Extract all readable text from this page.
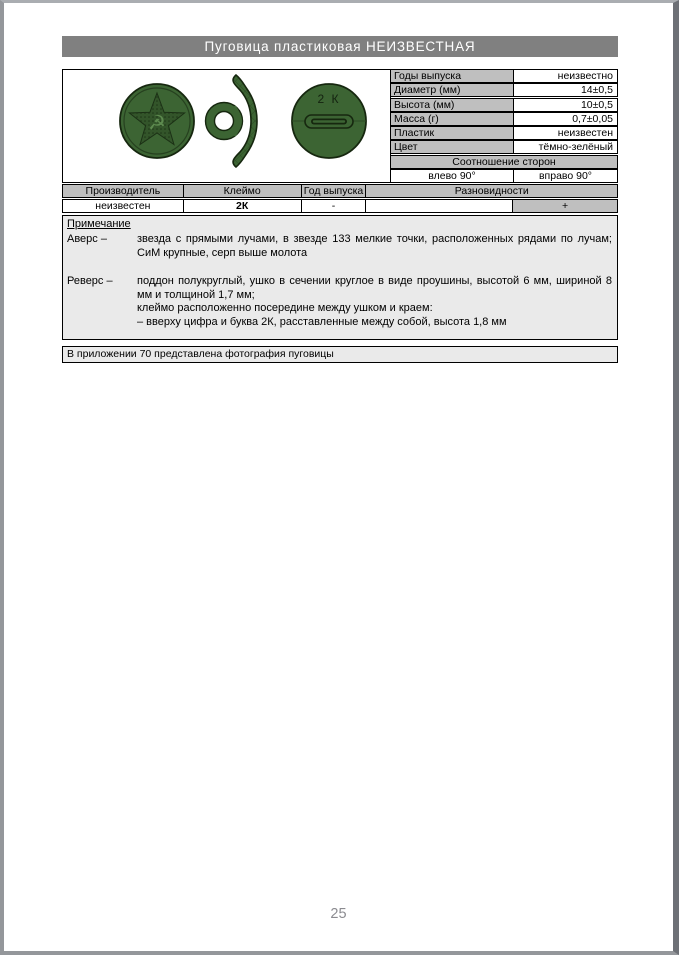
Пуговица пластиковая НЕИЗВЕСТНАЯ
☭
2 К
Годы выпуска	неизвестно
Диаметр (мм)	14±0,5
Высота (мм)	10±0,5
Масса (г)	0,7±0,05
Пластик	неизвестен
Цвет	тёмно-зелёный
Соотношение сторон
влево 90°	вправо 90°
Производитель	Клеймо	Год выпуска	Разновидности
неизвестен	2К	-	+
Примечание
Аверс –	звезда с прямыми лучами, в звезде 133 мелкие точки, расположенных рядами по лучам; СиМ крупные, серп выше молота
Реверс –	поддон полукруглый, ушко в сечении круглое в виде проушины, высотой 6 мм, шириной 8 мм и толщиной 1,7 мм;
клеймо расположенно посередине между ушком и краем:
– вверху цифра и буква 2К, расставленные между собой, высота 1,8 мм
В приложении 70 представлена фотография пуговицы
25
